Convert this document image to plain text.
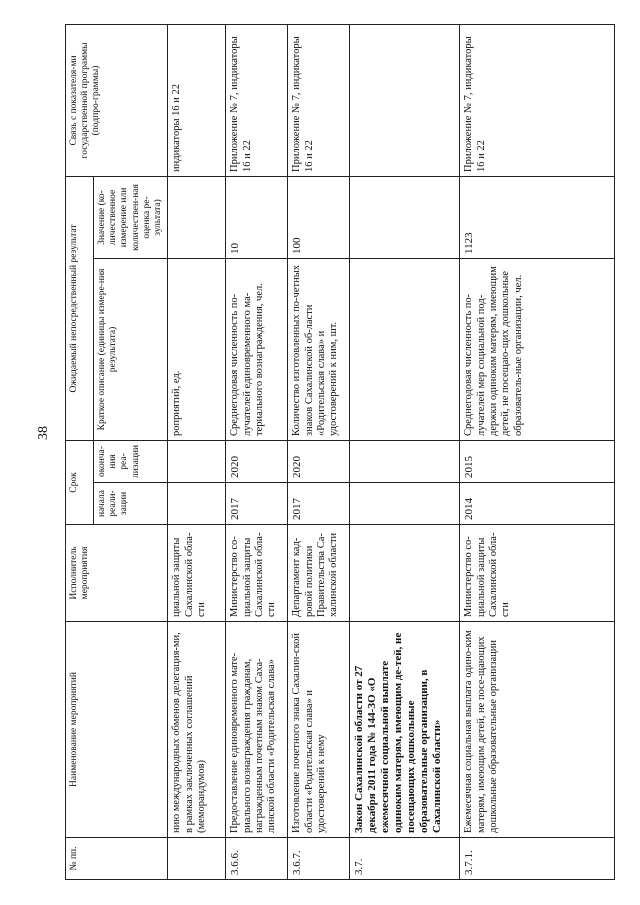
38
№ пп.	Наименование мероприятий	Исполнитель мероприятия	Срок		Ожидаемый непосредственный результат		Связь с показателя-ми государственной программы (подпро-граммы)
			начала реали-зации	оконча-ния реа-лизации	Краткое описание (единицы измере-ния результата)	Значение (ко-личественное измерение или количествен-ная оценка ре-зультата)	
	нию международных обменов делегация-ми, в рамках заключенных соглашений (меморандумов)	циальной защиты Сахалинской обла-сти			роприятий, ед.		индикаторы 16 и 22
3.6.6.	Предоставление единовременного мате-риального вознаграждения гражданам, награжденным почетным знаком Саха-линской области «Родительская слава»	Министерство со-циальной защиты Сахалинской обла-сти	2017	2020	Среднегодовая численность по-лучателей единовременного ма-териального вознаграждения, чел.	10	Приложение № 7, индикаторы 16 и 22
3.6.7.	Изготовление почетного знака Сахалин-ской области «Родительская слава» и удостоверений к нему	Департамент кад-ровой политики Правительства Са-халинской области	2017	2020	Количество изготовленных по-четных знаков Сахалинской об-ласти «Родительская слава» и удостоверений к ним, шт.	100	Приложение № 7, индикаторы 16 и 22
3.7.	Закон Сахалинской области от 27 декабря 2011 года № 144-ЗО «О ежемесячной социальной выплате одиноким матерям, имеющим де-тей, не посещающих дошкольные образовательные организации, в Сахалинской области»						
3.7.1.	Ежемесячная социальная выплата одино-ким матерям, имеющим детей, не посе-щающих дошкольные образовательные организации	Министерство со-циальной защиты Сахалинской обла-сти	2014	2015	Среднегодовая численность по-лучателей мер социальной под-держки одиноким матерям, имеющим детей, не посещаю-щих дошкольные образователь-ные организации, чел.	1123	Приложение № 7, индикаторы 16 и 22
